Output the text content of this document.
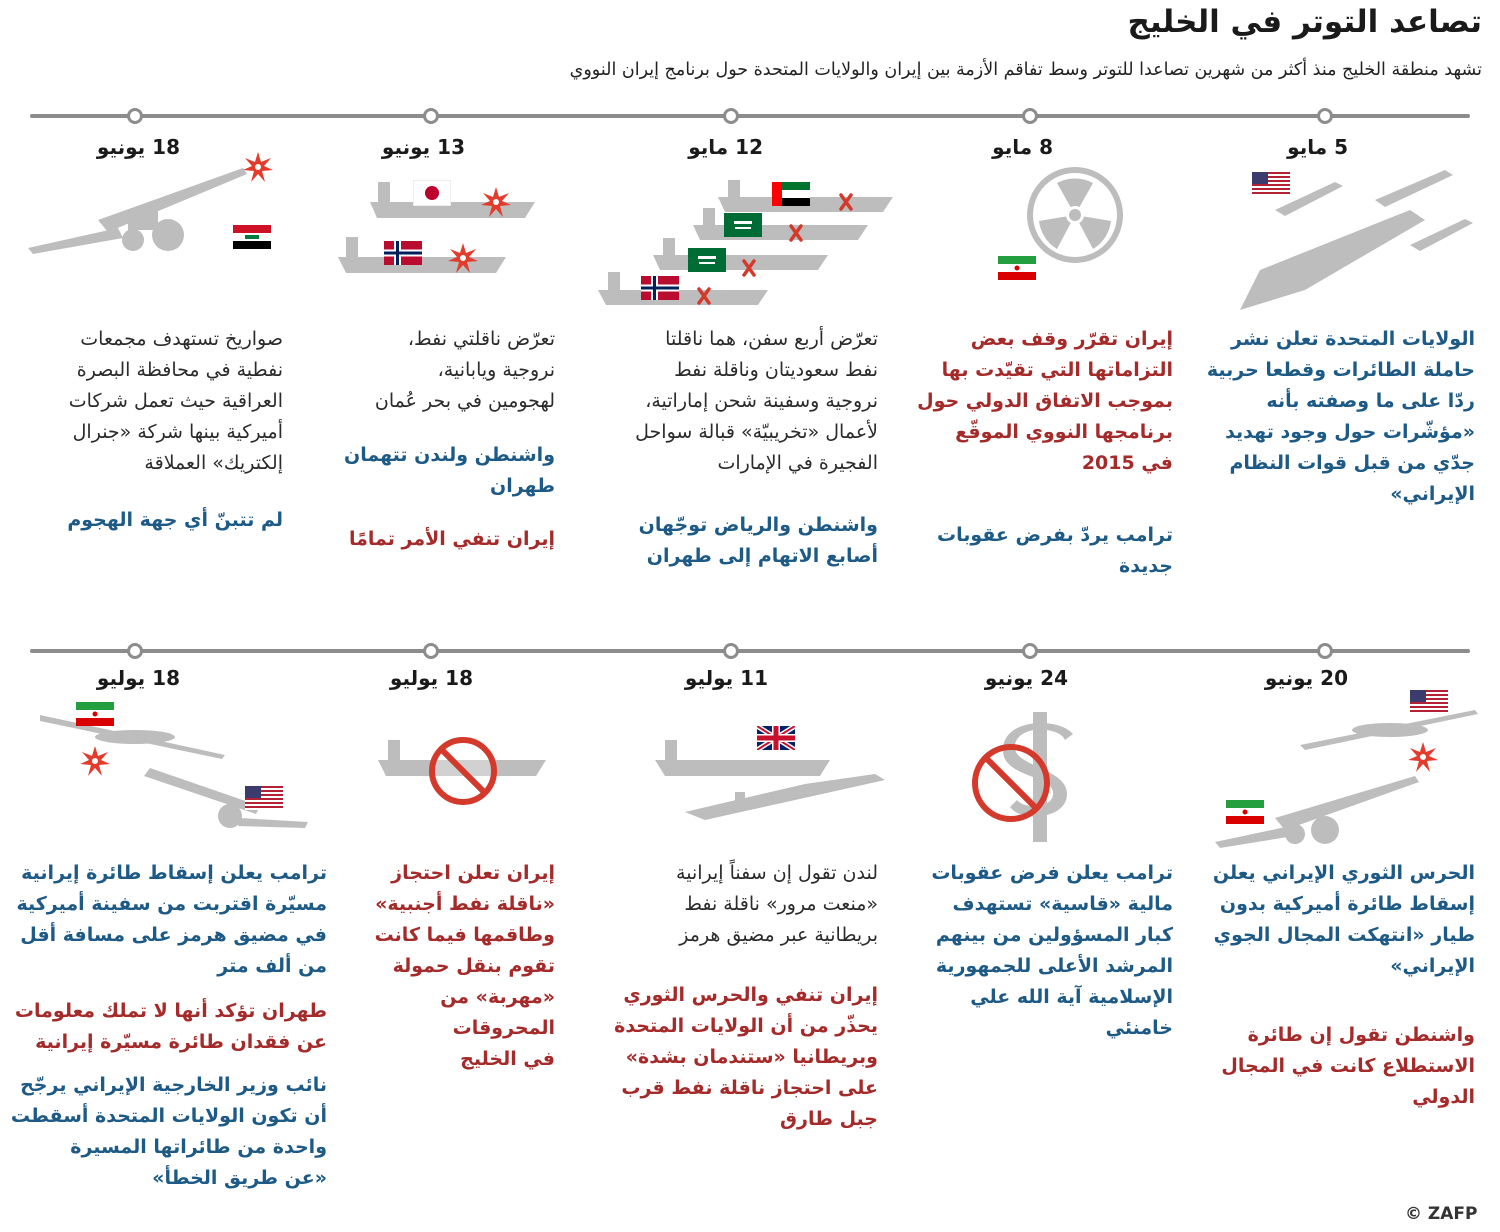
تصاعد التوتر في الخليج
تشهد منطقة الخليج منذ أكثر من شهرين تصاعدا للتوتر وسط تفاقم الأزمة بين إيران والولايات المتحدة حول برنامج إيران النووي
5 مايو
الولايات المتحدة تعلن نشر
حاملة الطائرات وقطعا حربية
ردّا على ما وصفته بأنه
«مؤشّرات حول وجود تهديد
جدّي من قبل قوات النظام
الإيراني»
8 مايو
إيران تقرّر وقف بعض
التزاماتها التي تقيّدت بها
بموجب الاتفاق الدولي حول
برنامجها النووي الموقّع
في 2015
ترامب يردّ بفرض عقوبات
جديدة
12 مايو
تعرّض أربع سفن، هما ناقلتا
نفط سعوديتان وناقلة نفط
نروجية وسفينة شحن إماراتية،
لأعمال «تخريبيّة» قبالة سواحل
الفجيرة في الإمارات
واشنطن والرياض توجّهان
أصابع الاتهام إلى طهران
13 يونيو
تعرّض ناقلتي نفط،
نروجية ويابانية،
لهجومين في بحر عُمان
واشنطن ولندن تتهمان
طهران
إيران تنفي الأمر تمامًا
18 يونيو
صواريخ تستهدف مجمعات
نفطية في محافظة البصرة
العراقية حيث تعمل شركات
أميركية بينها شركة «جنرال
إلكتريك» العملاقة
لم تتبنّ أي جهة الهجوم
20 يونيو
الحرس الثوري الإيراني يعلن
إسقاط طائرة أميركية بدون
طيار «انتهكت المجال الجوي
الإيراني»
واشنطن تقول إن طائرة
الاستطلاع كانت في المجال
الدولي
24 يونيو
ترامب يعلن فرض عقوبات
مالية «قاسية» تستهدف
كبار المسؤولين من بينهم
المرشد الأعلى للجمهورية
الإسلامية آية الله علي
خامنئي
11 يوليو
لندن تقول إن سفناً إيرانية
«منعت مرور» ناقلة نفط
بريطانية عبر مضيق هرمز
إيران تنفي والحرس الثوري
يحذّر من أن الولايات المتحدة
وبريطانيا «ستندمان بشدة»
على احتجاز ناقلة نفط قرب
جبل طارق
18 يوليو
إيران تعلن احتجاز
«ناقلة نفط أجنبية»
وطاقمها فيما كانت
تقوم بنقل حمولة
«مهربة» من
المحروقات
في الخليج
18 يوليو
ترامب يعلن إسقاط طائرة إيرانية
مسيّرة اقتربت من سفينة أميركية
في مضيق هرمز على مسافة أقل
من ألف متر
طهران تؤكد أنها لا تملك معلومات
عن فقدان طائرة مسيّرة إيرانية
نائب وزير الخارجية الإيراني يرجّح
أن تكون الولايات المتحدة أسقطت
واحدة من طائراتها المسيرة
«عن طريق الخطأ»
© ZAFP
